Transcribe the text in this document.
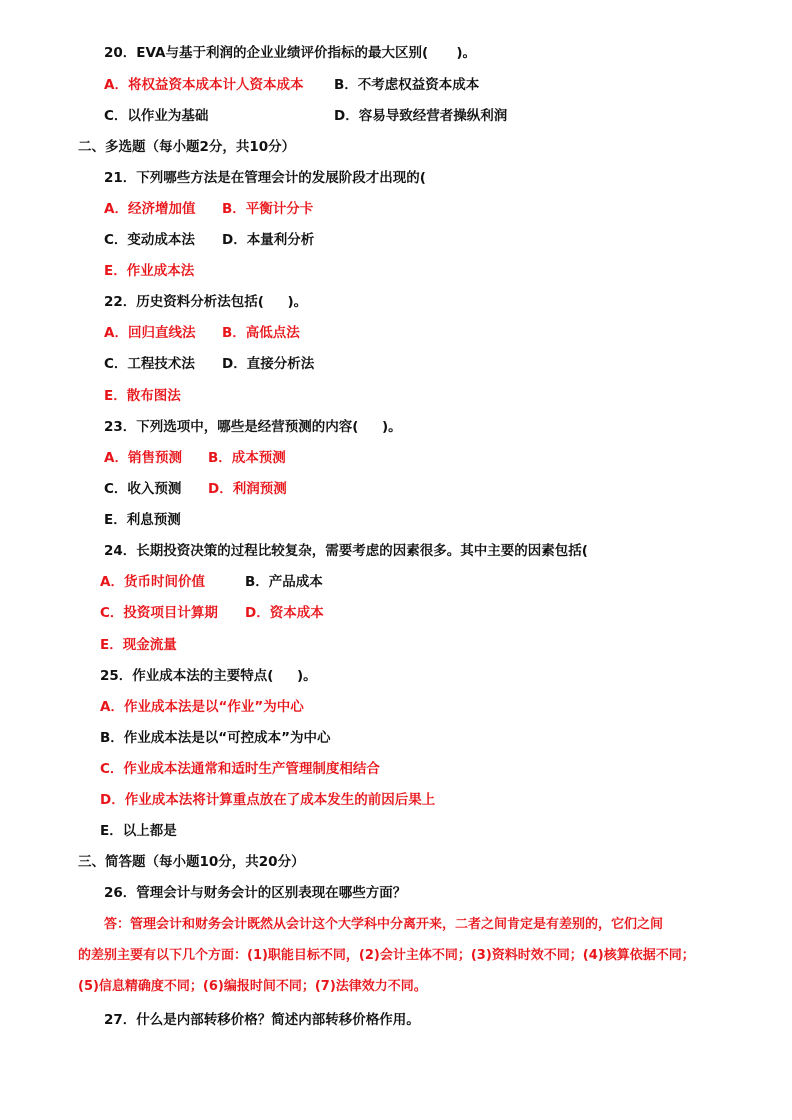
20．EVA与基于利润的企业业绩评价指标的最大区别(      )。
A．将权益资本成本计人资本成本 B．不考虑权益资本成本
C．以作业为基础	D．容易导致经营者操纵利润
二、多选题（每小题2分，共10分）
21．下列哪些方法是在管理会计的发展阶段才出现的(
A．经济增加值 B．平衡计分卡
C．变动成本法 D．本量利分析
E．作业成本法
22．历史资料分析法包括(     )。
A．回归直线法 B．高低点法
C．工程技术法 D．直接分析法
E．散布图法
23．下列选项中，哪些是经营预测的内容(     )。
A．销售预测 B．成本预测
C．收入预测 D．利润预测
E．利息预测
24．长期投资决策的过程比较复杂，需要考虑的因素很多。其中主要的因素包括(
A．货币时间价值	B．产品成本
C．投资项目计算期 D．资本成本
E．现金流量
25．作业成本法的主要特点(     )。
A．作业成本法是以“作业”为中心
B．作业成本法是以“可控成本”为中心
C．作业成本法通常和适时生产管理制度相结合
D．作业成本法将计算重点放在了成本发生的前因后果上
E．以上都是
三、简答题（每小题10分，共20分）
26．管理会计与财务会计的区别表现在哪些方面？
答：管理会计和财务会计既然从会计这个大学科中分离开来，二者之间肯定是有差别的，它们之间
的差别主要有以下几个方面：(1)职能目标不同，(2)会计主体不同；(3)资料时效不同；(4)核算依据不同；
(5)信息精确度不同；(6)编报时间不同；(7)法律效力不同。
27．什么是内部转移价格？简述内部转移价格作用。
